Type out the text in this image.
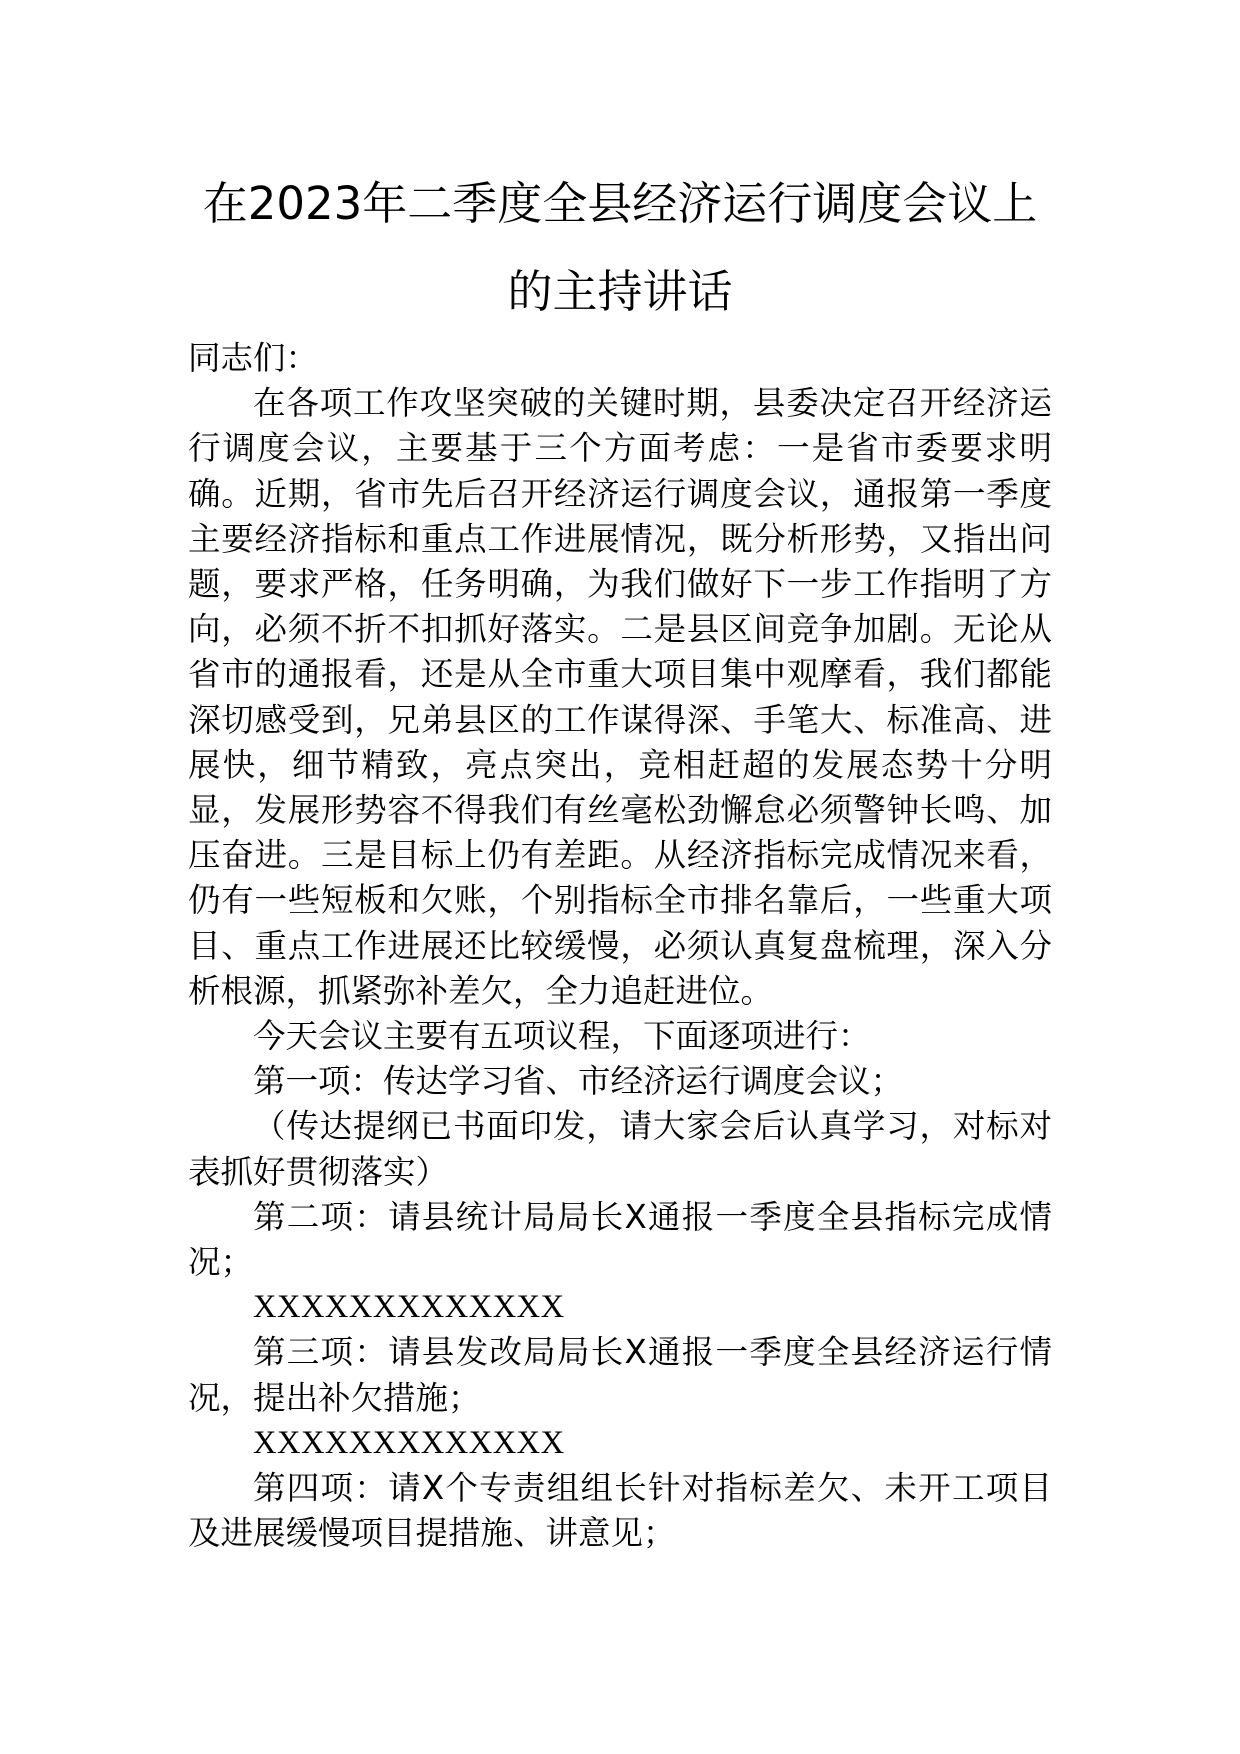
在2023年二季度全县经济运行调度会议上
的主持讲话

同志们：

在各项工作攻坚突破的关键时期，县委决定召开经济运行调度会议，主要基于三个方面考虑：一是省市委要求明确。近期，省市先后召开经济运行调度会议，通报第一季度主要经济指标和重点工作进展情况，既分析形势，又指出问题，要求严格，任务明确，为我们做好下一步工作指明了方向，必须不折不扣抓好落实。二是县区间竞争加剧。无论从省市的通报看，还是从全市重大项目集中观摩看，我们都能深切感受到，兄弟县区的工作谋得深、手笔大、标准高、进展快，细节精致，亮点突出，竞相赶超的发展态势十分明显，发展形势容不得我们有丝毫松劲懈怠必须警钟长鸣、加压奋进。三是目标上仍有差距。从经济指标完成情况来看，仍有一些短板和欠账，个别指标全市排名靠后，一些重大项目、重点工作进展还比较缓慢，必须认真复盘梳理，深入分析根源，抓紧弥补差欠，全力追赶进位。

今天会议主要有五项议程，下面逐项进行：

第一项：传达学习省、市经济运行调度会议；

（传达提纲已书面印发，请大家会后认真学习，对标对表抓好贯彻落实）

第二项：请县统计局局长X通报一季度全县指标完成情况；

XXXXXXXXXXXXX

第三项：请县发改局局长X通报一季度全县经济运行情况，提出补欠措施；

XXXXXXXXXXXXX

第四项：请X个专责组组长针对指标差欠、未开工项目及进展缓慢项目提措施、讲意见；
